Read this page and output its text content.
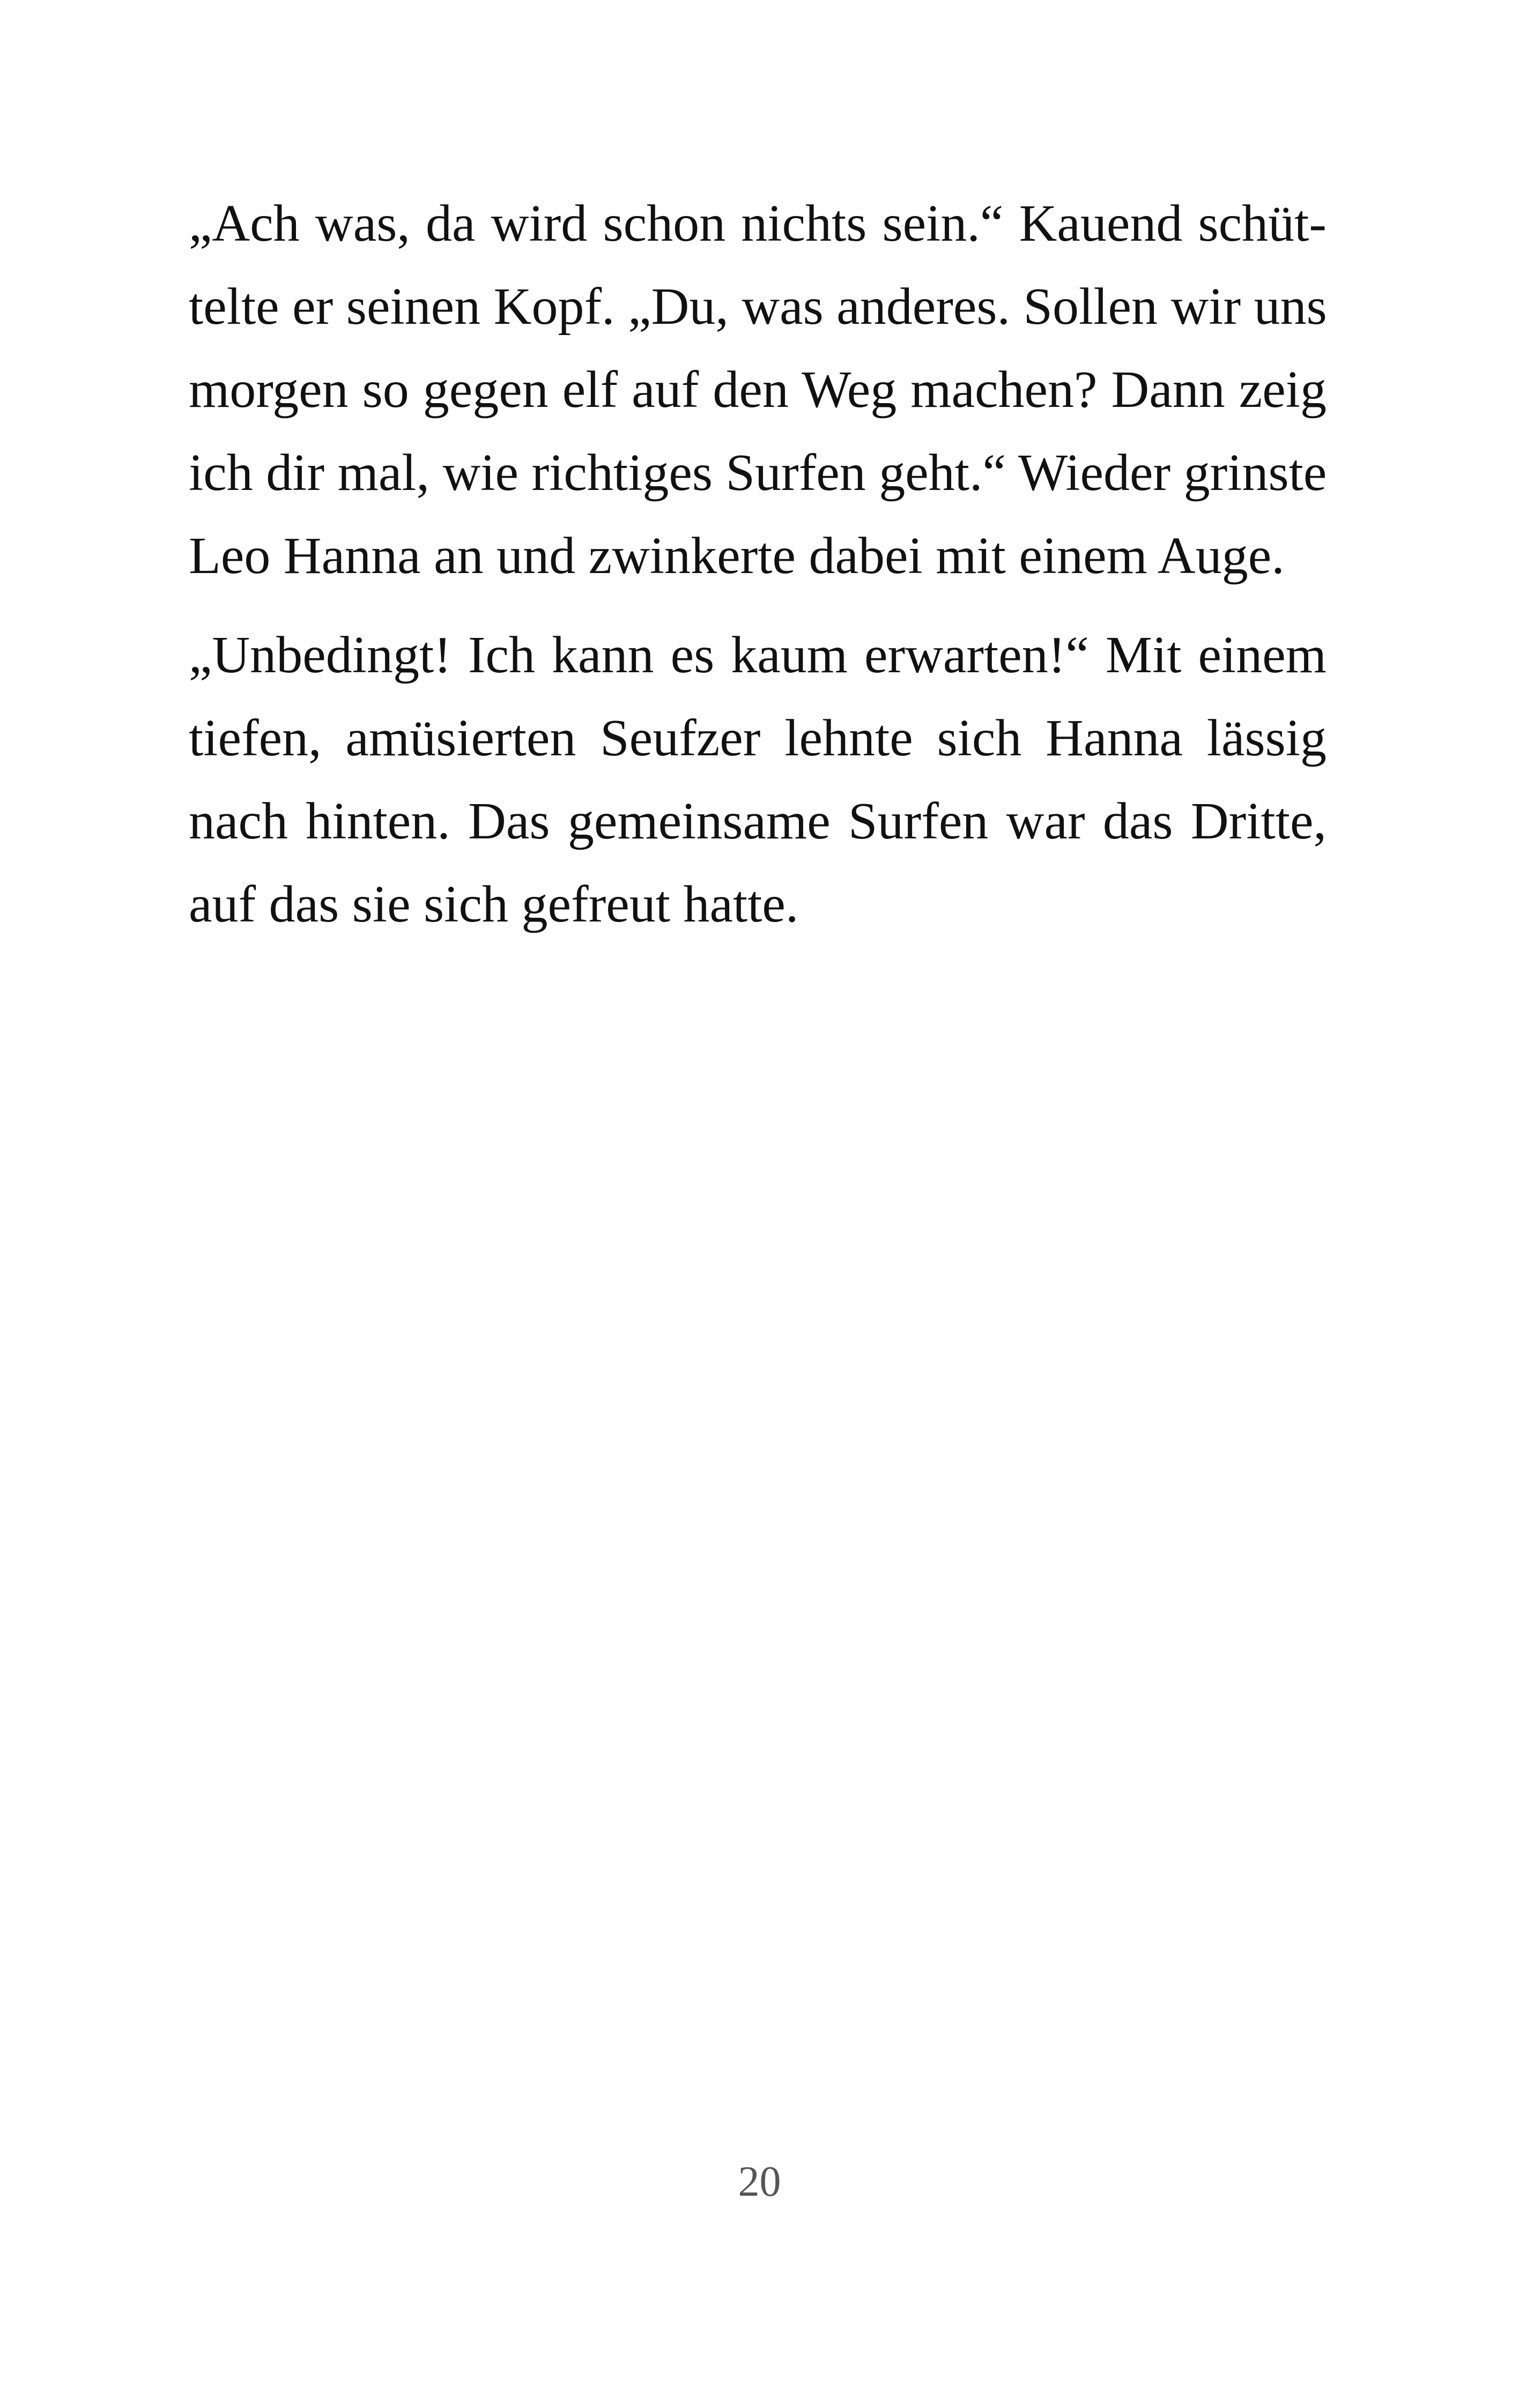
„Ach was, da wird schon nichts sein.“ Kauend schüt-
telte er seinen Kopf. „Du, was anderes. Sollen wir uns
morgen so gegen elf auf den Weg machen? Dann zeig
ich dir mal, wie richtiges Surfen geht.“ Wieder grinste
Leo Hanna an und zwinkerte dabei mit einem Auge.
„Unbedingt! Ich kann es kaum erwarten!“ Mit einem
tiefen, amüsierten Seufzer lehnte sich Hanna lässig
nach hinten. Das gemeinsame Surfen war das Dritte,
auf das sie sich gefreut hatte.
20
